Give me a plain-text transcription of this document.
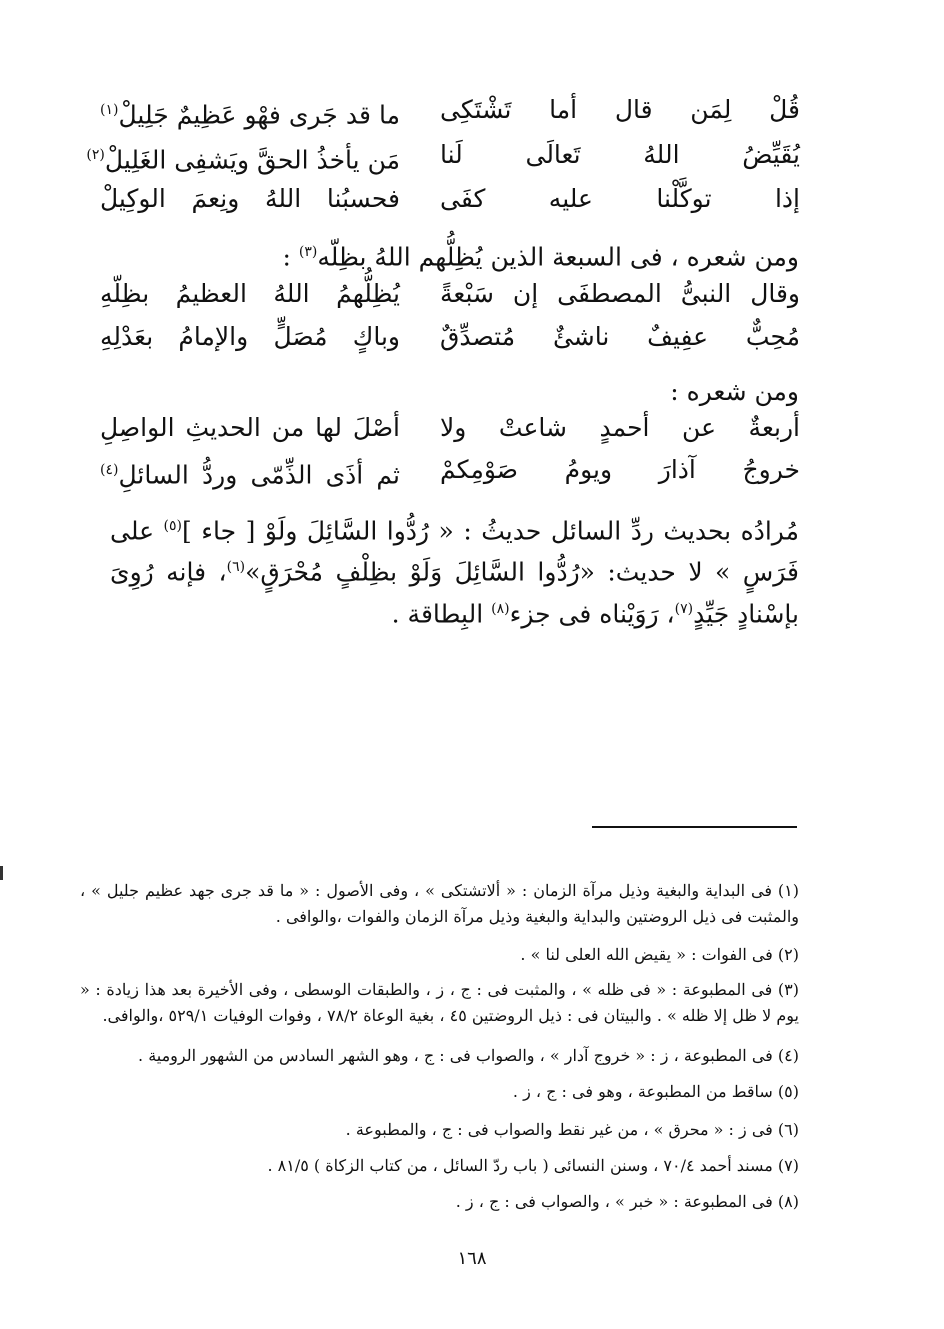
قُلْ لِمَن قال أما تَشْتَكِى
ما قد جَرى فهْو عَظِيمٌ جَلِيلْ$^{(١)}$
يُقَيِّضُ اللهُ تَعالَى لَنا
مَن يأخذُ الحقَّ ويَشفِى الغَلِيلْ$^{(٢)}$
إذا توكَّلْنا عليه كفَى
فحسبُنا اللهُ ونِعمَ الوكِيلْ
ومن شعره ، فى السبعة الذين يُظِلُّهم اللهُ بظِلّه$^{(٣)}$ :
وقال النبىُّ المصطفَى إن سَبْعةً
يُظِلُّهمُ اللهُ العظيمُ بظِلّهِ
مُحِبٌّ عفِيفٌ ناشئٌ مُتصدِّقٌ
وباكٍ مُصَلٍّ والإمامُ بعَدْلِهِ
ومن شعره :
أربعةٌ عن أحمدٍ شاعتْ ولا
أصْلَ لها من الحديثِ الواصِلِ
خروجُ آذارَ ويومُ صَوْمِكمْ
ثم أذَى الذِّمّى وردُّ السائلِ$^{(٤)}$
مُرادُه بحديث ردِّ السائل حديثُ : « رُدُّوا السَّائِلَ ولَوْ [ جاء ]$^{(٥)}$ على فَرَسٍ » لا حديث: «رُدُّوا السَّائِلَ وَلَوْ بظِلْفٍ مُحْرَقٍ»$^{(٦)}$، فإنه رُوِىَ بإسْنادٍ جَيِّدٍ$^{(٧)}$، رَوَيْناه فى جزء$^{(٨)}$ البِطاقة .
(١) فى البداية والبغية وذيل مرآة الزمان : « ألاتشتكى » ، وفى الأصول : « ما قد جرى جهد عظيم جليل » ، والمثبت فى ذيل الروضتين والبداية والبغية وذيل مرآة الزمان والفوات ،والوافى .
(٢) فى الفوات : « يقيض الله العلى لنا » .
(٣) فى المطبوعة : « فى ظله » ، والمثبت فى : ج ، ز ، والطبقات الوسطى ، وفى الأخيرة بعد هذا زيادة : « يوم لا ظل إلا ظله » . والبيتان فى : ذيل الروضتين ٤٥ ، بغية الوعاة ٧٨/٢ ، وفوات الوفيات ٥٢٩/١ ،والوافى.
(٤) فى المطبوعة ، ز : « خروج آدار » ، والصواب فى : ج ، وهو الشهر السادس من الشهور الرومية .
(٥) ساقط من المطبوعة ، وهو فى : ج ، ز .
(٦) فى ز : « محرق » ، من غير نقط والصواب فى : ج ، والمطبوعة .
(٧) مسند أحمد ٧٠/٤ ، وسنن النسائى ( باب ردّ السائل ، من كتاب الزكاة ) ٨١/٥ .
(٨) فى المطبوعة : « خبر » ، والصواب فى : ج ، ز .
١٦٨
